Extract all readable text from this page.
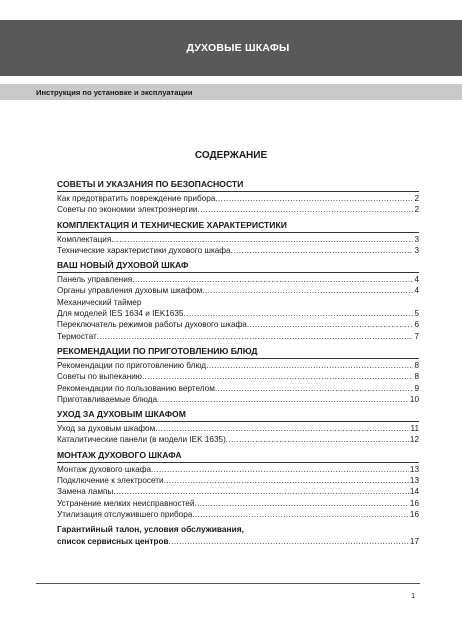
ДУХОВЫЕ ШКАФЫ
Инструкция по установке и эксплуатации
СОДЕРЖАНИЕ
СОВЕТЫ И УКАЗАНИЯ ПО БЕЗОПАСНОСТИ
Как предотвратить повреждение прибора .....	2
Советы по экономии электроэнергии .....	2
КОМПЛЕКТАЦИЯ И ТЕХНИЧЕСКИЕ ХАРАКТЕРИСТИКИ
Комплектация .....	3
Технические характеристики духового шкафа .....	3
ВАШ НОВЫЙ ДУХОВОЙ ШКАФ
Панель управления .....	4
Органы управления духовым шкафом .....	4
Механический таймер
Для моделей IES 1634 и IEK1635 .....	5
Переключатель режимов работы духового шкафа .....	6
Термостат .....	7
РЕКОМЕНДАЦИИ ПО ПРИГОТОВЛЕНИЮ БЛЮД
Рекомендации по приготовлению блюд .....	8
Советы по выпеканию .....	8
Рекомендации по пользованию вертелом .....	9
Приготавливаемые блюда .....	10
УХОД ЗА ДУХОВЫМ ШКАФОМ
Уход за духовым шкафом .....	11
Каталитические панели (в модели IEK 1635) .....	12
МОНТАЖ ДУХОВОГО ШКАФА
Монтаж духового шкафа .....	13
Подключение к электросети .....	13
Замена лампы .....	14
Устранение мелких неисправностей .....	16
Утилизация отслужившего прибора .....	16
Гарантийный талон, условия обслуживания,
список сервисных центров .....	17
1
